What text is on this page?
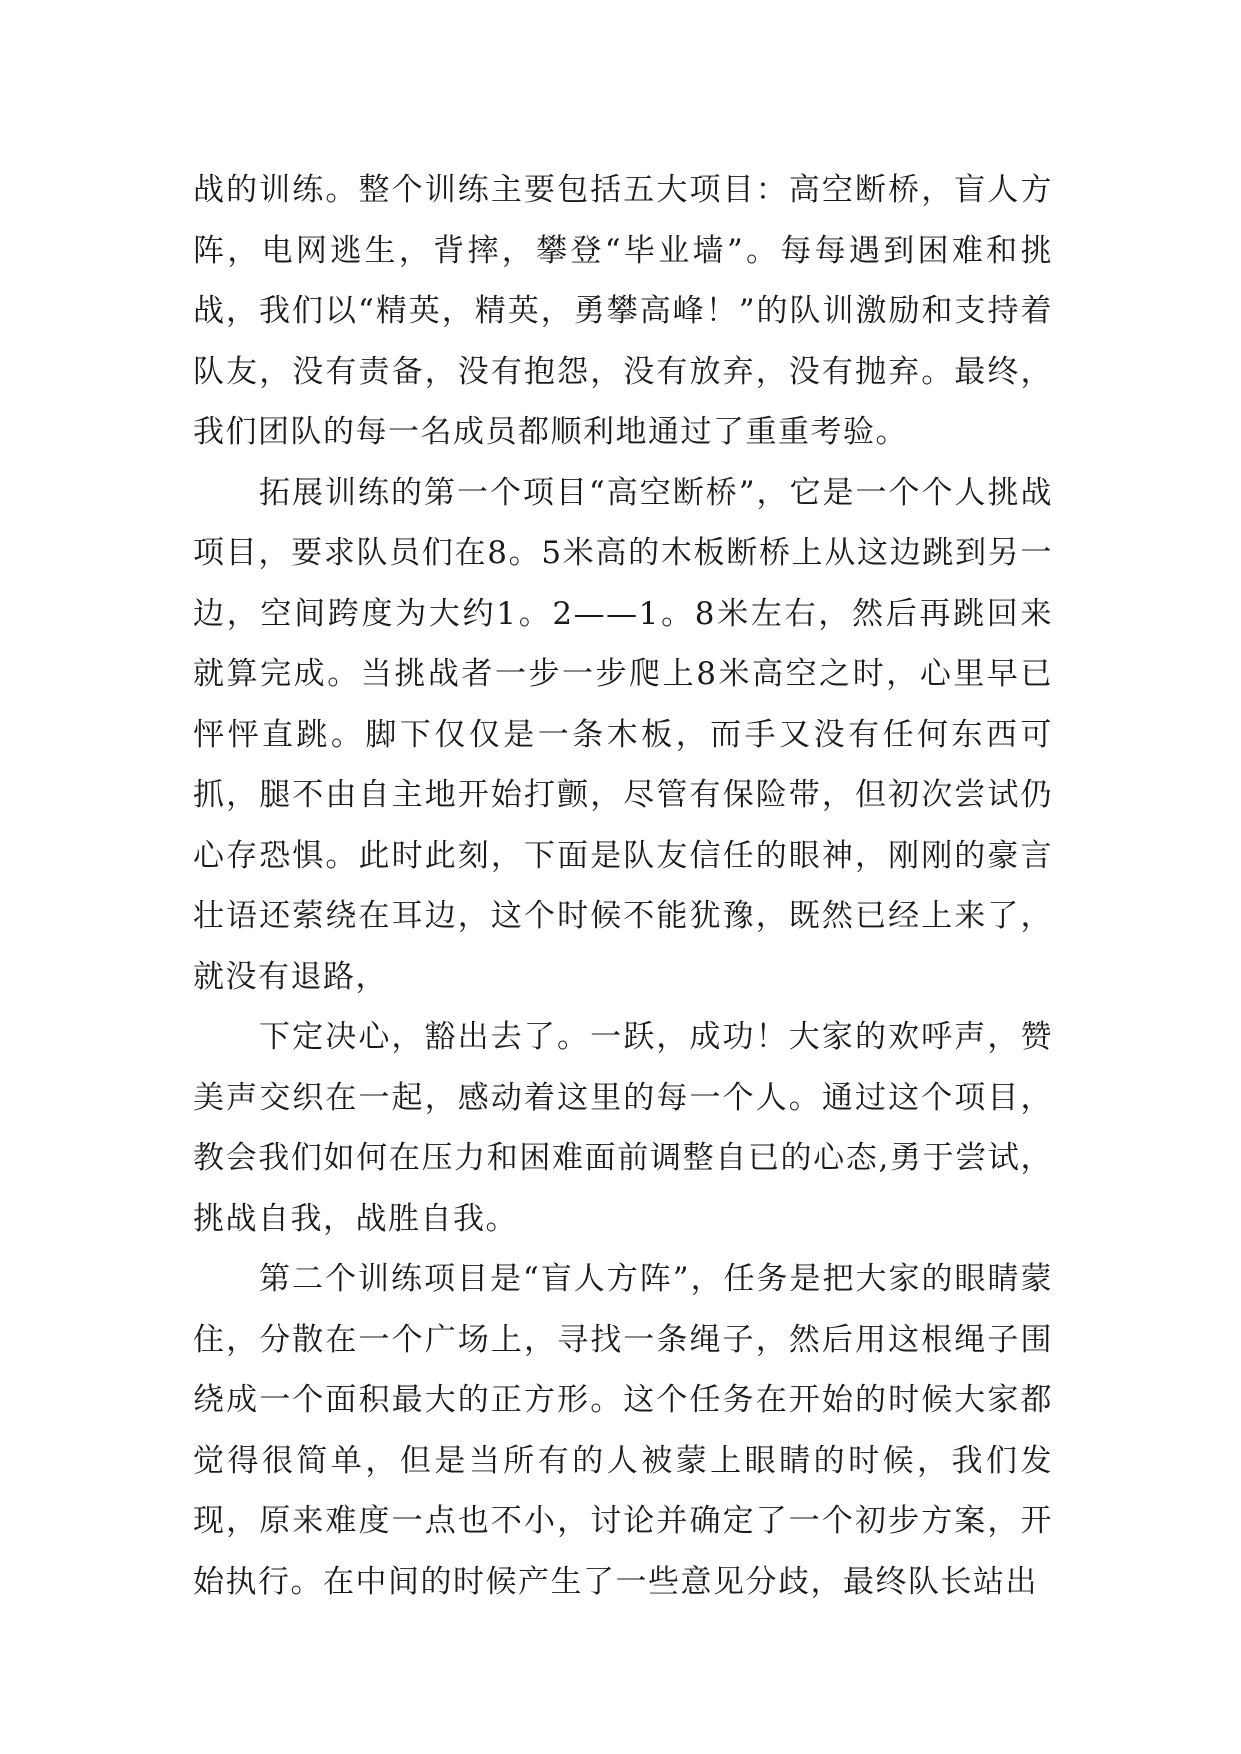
战的训练。整个训练主要包括五大项目：高空断桥，盲人方阵，电网逃生，背摔，攀登“毕业墙”。每每遇到困难和挑战，我们以“精英，精英，勇攀高峰！”的队训激励和支持着队友，没有责备，没有抱怨，没有放弃，没有抛弃。最终，我们团队的每一名成员都顺利地通过了重重考验。

拓展训练的第一个项目“高空断桥”，它是一个个人挑战项目，要求队员们在8。5米高的木板断桥上从这边跳到另一边，空间跨度为大约1。2——1。8米左右，然后再跳回来就算完成。当挑战者一步一步爬上8米高空之时，心里早已怦怦直跳。脚下仅仅是一条木板，而手又没有任何东西可抓，腿不由自主地开始打颤，尽管有保险带，但初次尝试仍心存恐惧。此时此刻，下面是队友信任的眼神，刚刚的豪言壮语还萦绕在耳边，这个时候不能犹豫，既然已经上来了，就没有退路，

下定决心，豁出去了。一跃，成功！大家的欢呼声，赞美声交织在一起，感动着这里的每一个人。通过这个项目，教会我们如何在压力和困难面前调整自已的心态,勇于尝试，挑战自我，战胜自我。

第二个训练项目是“盲人方阵”，任务是把大家的眼睛蒙住，分散在一个广场上，寻找一条绳子，然后用这根绳子围绕成一个面积最大的正方形。这个任务在开始的时候大家都觉得很简单，但是当所有的人被蒙上眼睛的时候，我们发现，原来难度一点也不小，讨论并确定了一个初步方案，开始执行。在中间的时候产生了一些意见分歧，最终队长站出
